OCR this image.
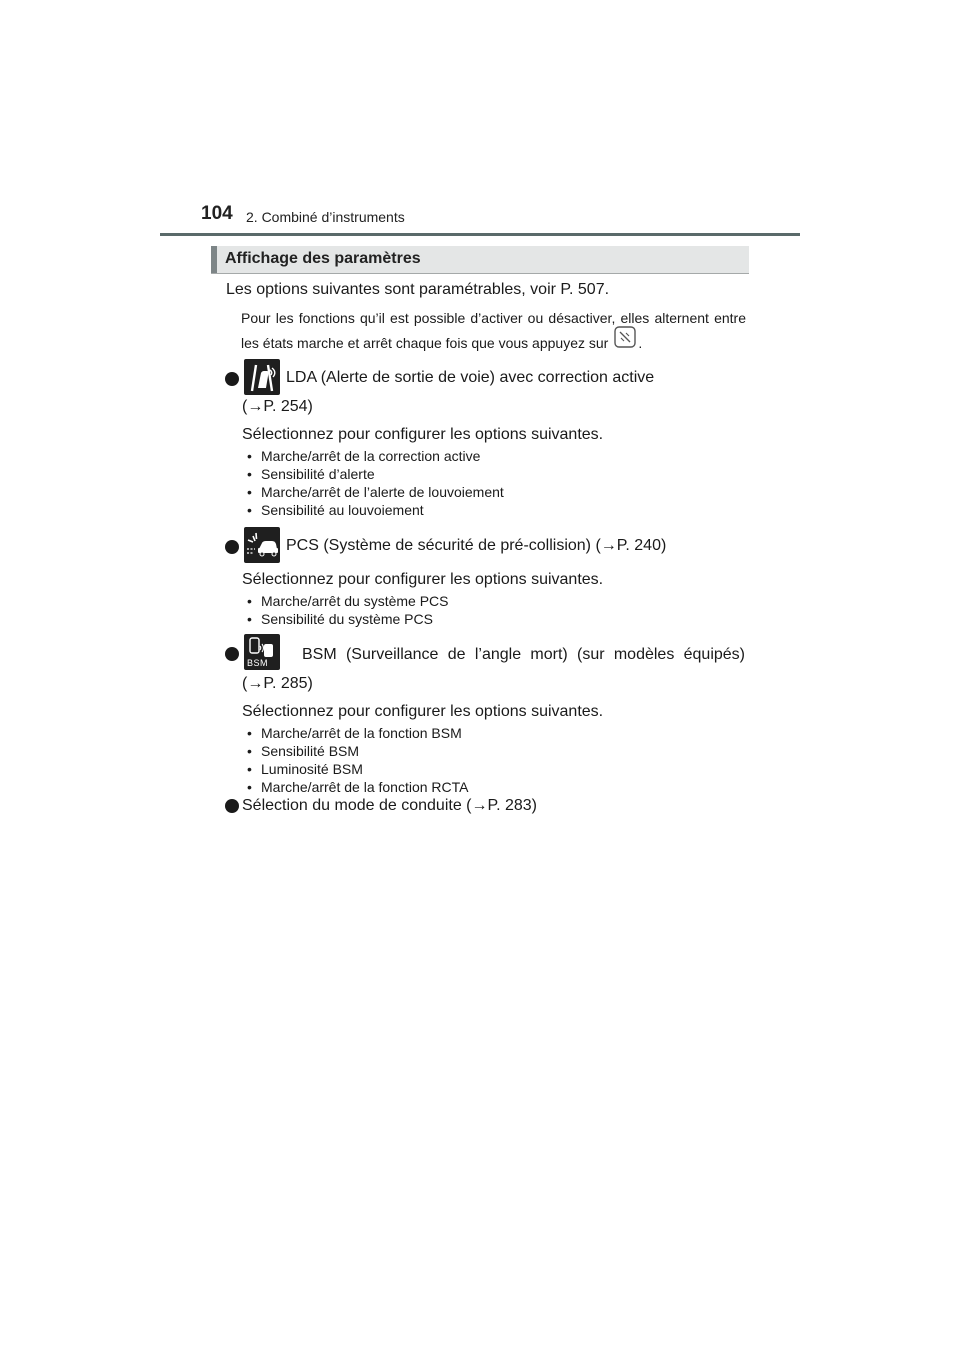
104 2. Combiné d’instruments
Affichage des paramètres
Les options suivantes sont paramétrables, voir P. 507.
Pour les fonctions qu’il est possible d’activer ou désactiver, elles alternent entre les états marche et arrêt chaque fois que vous appuyez sur .
LDA (Alerte de sortie de voie) avec correction active
(→P. 254)
Sélectionnez pour configurer les options suivantes.
• Marche/arrêt de la correction active
• Sensibilité d’alerte
• Marche/arrêt de l’alerte de louvoiement
• Sensibilité au louvoiement
PCS (Système de sécurité de pré-collision) (→P. 240)
Sélectionnez pour configurer les options suivantes.
• Marche/arrêt du système PCS
• Sensibilité du système PCS
BSM BSM (Surveillance de l’angle mort) (sur modèles équipés)
(→P. 285)
Sélectionnez pour configurer les options suivantes.
• Marche/arrêt de la fonction BSM
• Sensibilité BSM
• Luminosité BSM
• Marche/arrêt de la fonction RCTA
Sélection du mode de conduite (→P. 283)
